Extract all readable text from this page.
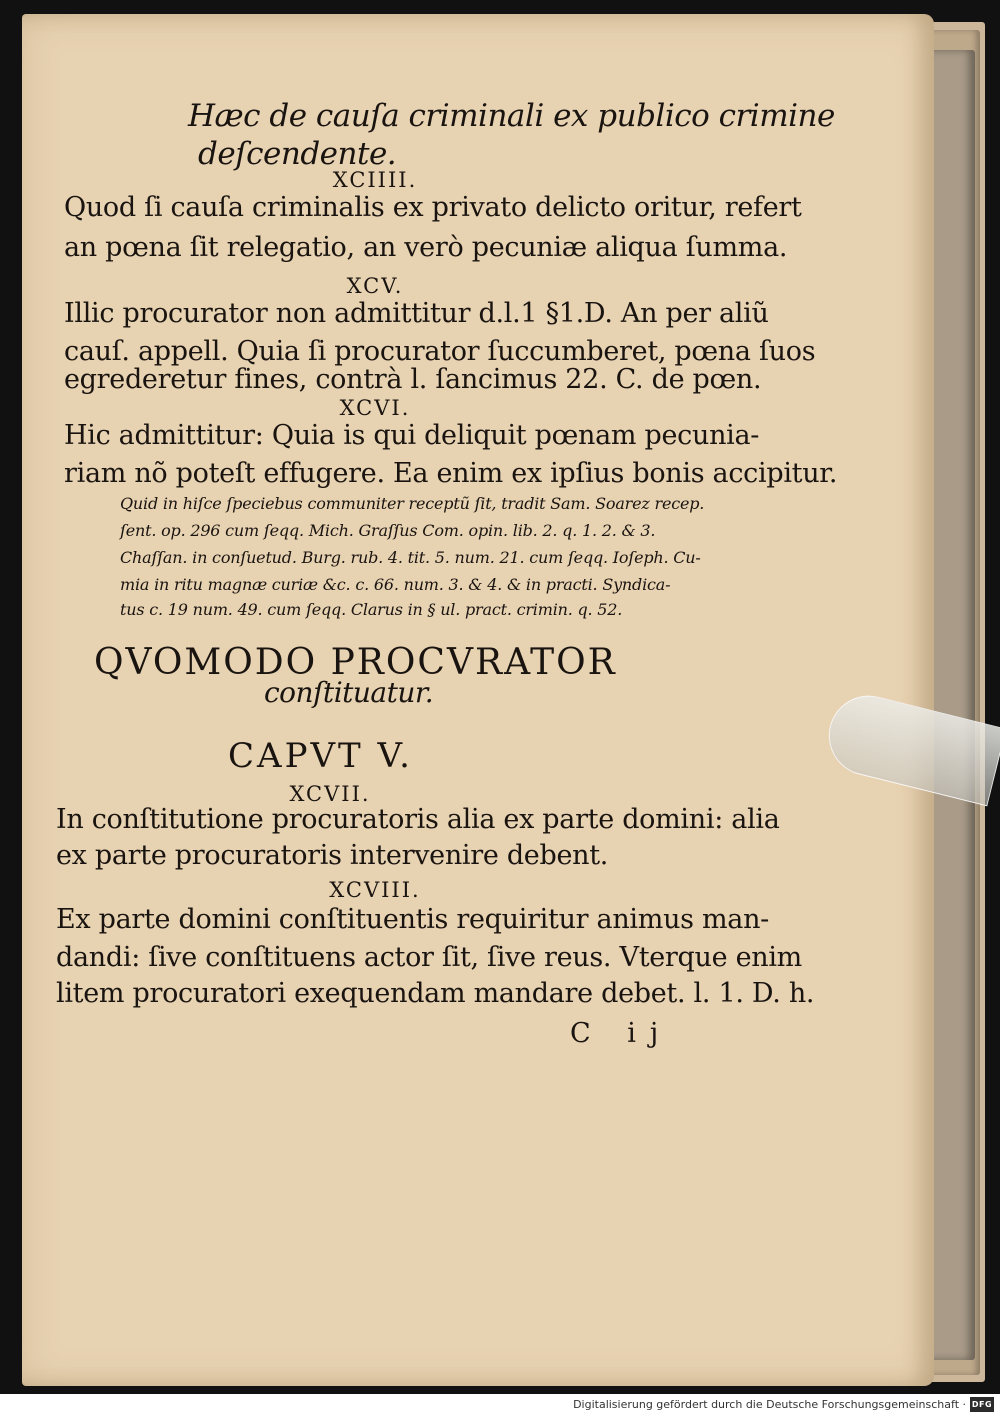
Hæc de cauſa criminali ex publico crimine
deſcendente.
XCIIII.
Quod ſi cauſa criminalis ex privato delicto oritur, refert
an pœna ſit relegatio, an verò pecuniæ aliqua ſumma.
XCV.
Illic procurator non admittitur d.l.1 §1.D. An per aliũ
cauſ. appell. Quia ſi procurator ſuccumberet, pœna ſuos
egrederetur fines, contrà l. ſancimus 22. C. de pœn.
XCVI.
Hic admittitur: Quia is qui deliquit pœnam pecunia-
riam nõ poteſt effugere. Ea enim ex ipſius bonis accipitur.
Quid in hiſce ſpeciebus communiter receptũ ſit, tradit Sam. Soarez recep.
ſent. op. 296 cum ſeqq. Mich. Graſſus Com. opin. lib. 2. q. 1. 2. & 3.
Chaſſan. in conſuetud. Burg. rub. 4. tit. 5. num. 21. cum ſeqq. Ioſeph. Cu-
mia in ritu magnæ curiæ &c. c. 66. num. 3. & 4. & in practi. Syndica-
tus c. 19 num. 49. cum ſeqq. Clarus in § ul. pract. crimin. q. 52.
QVOMODO PROCVRATOR
conſtituatur.
CAPVT V.
XCVII.
In conſtitutione procuratoris alia ex parte domini: alia
ex parte procuratoris intervenire debent.
XCVIII.
Ex parte domini conſtituentis requiritur animus man-
dandi: ſive conſtituens actor ſit, ſive reus. Vterque enim
litem procuratori exequendam mandare debet. l. 1. D. h.
C ij
Digitalisierung gefördert durch die Deutsche Forschungsgemeinschaft · DFG
